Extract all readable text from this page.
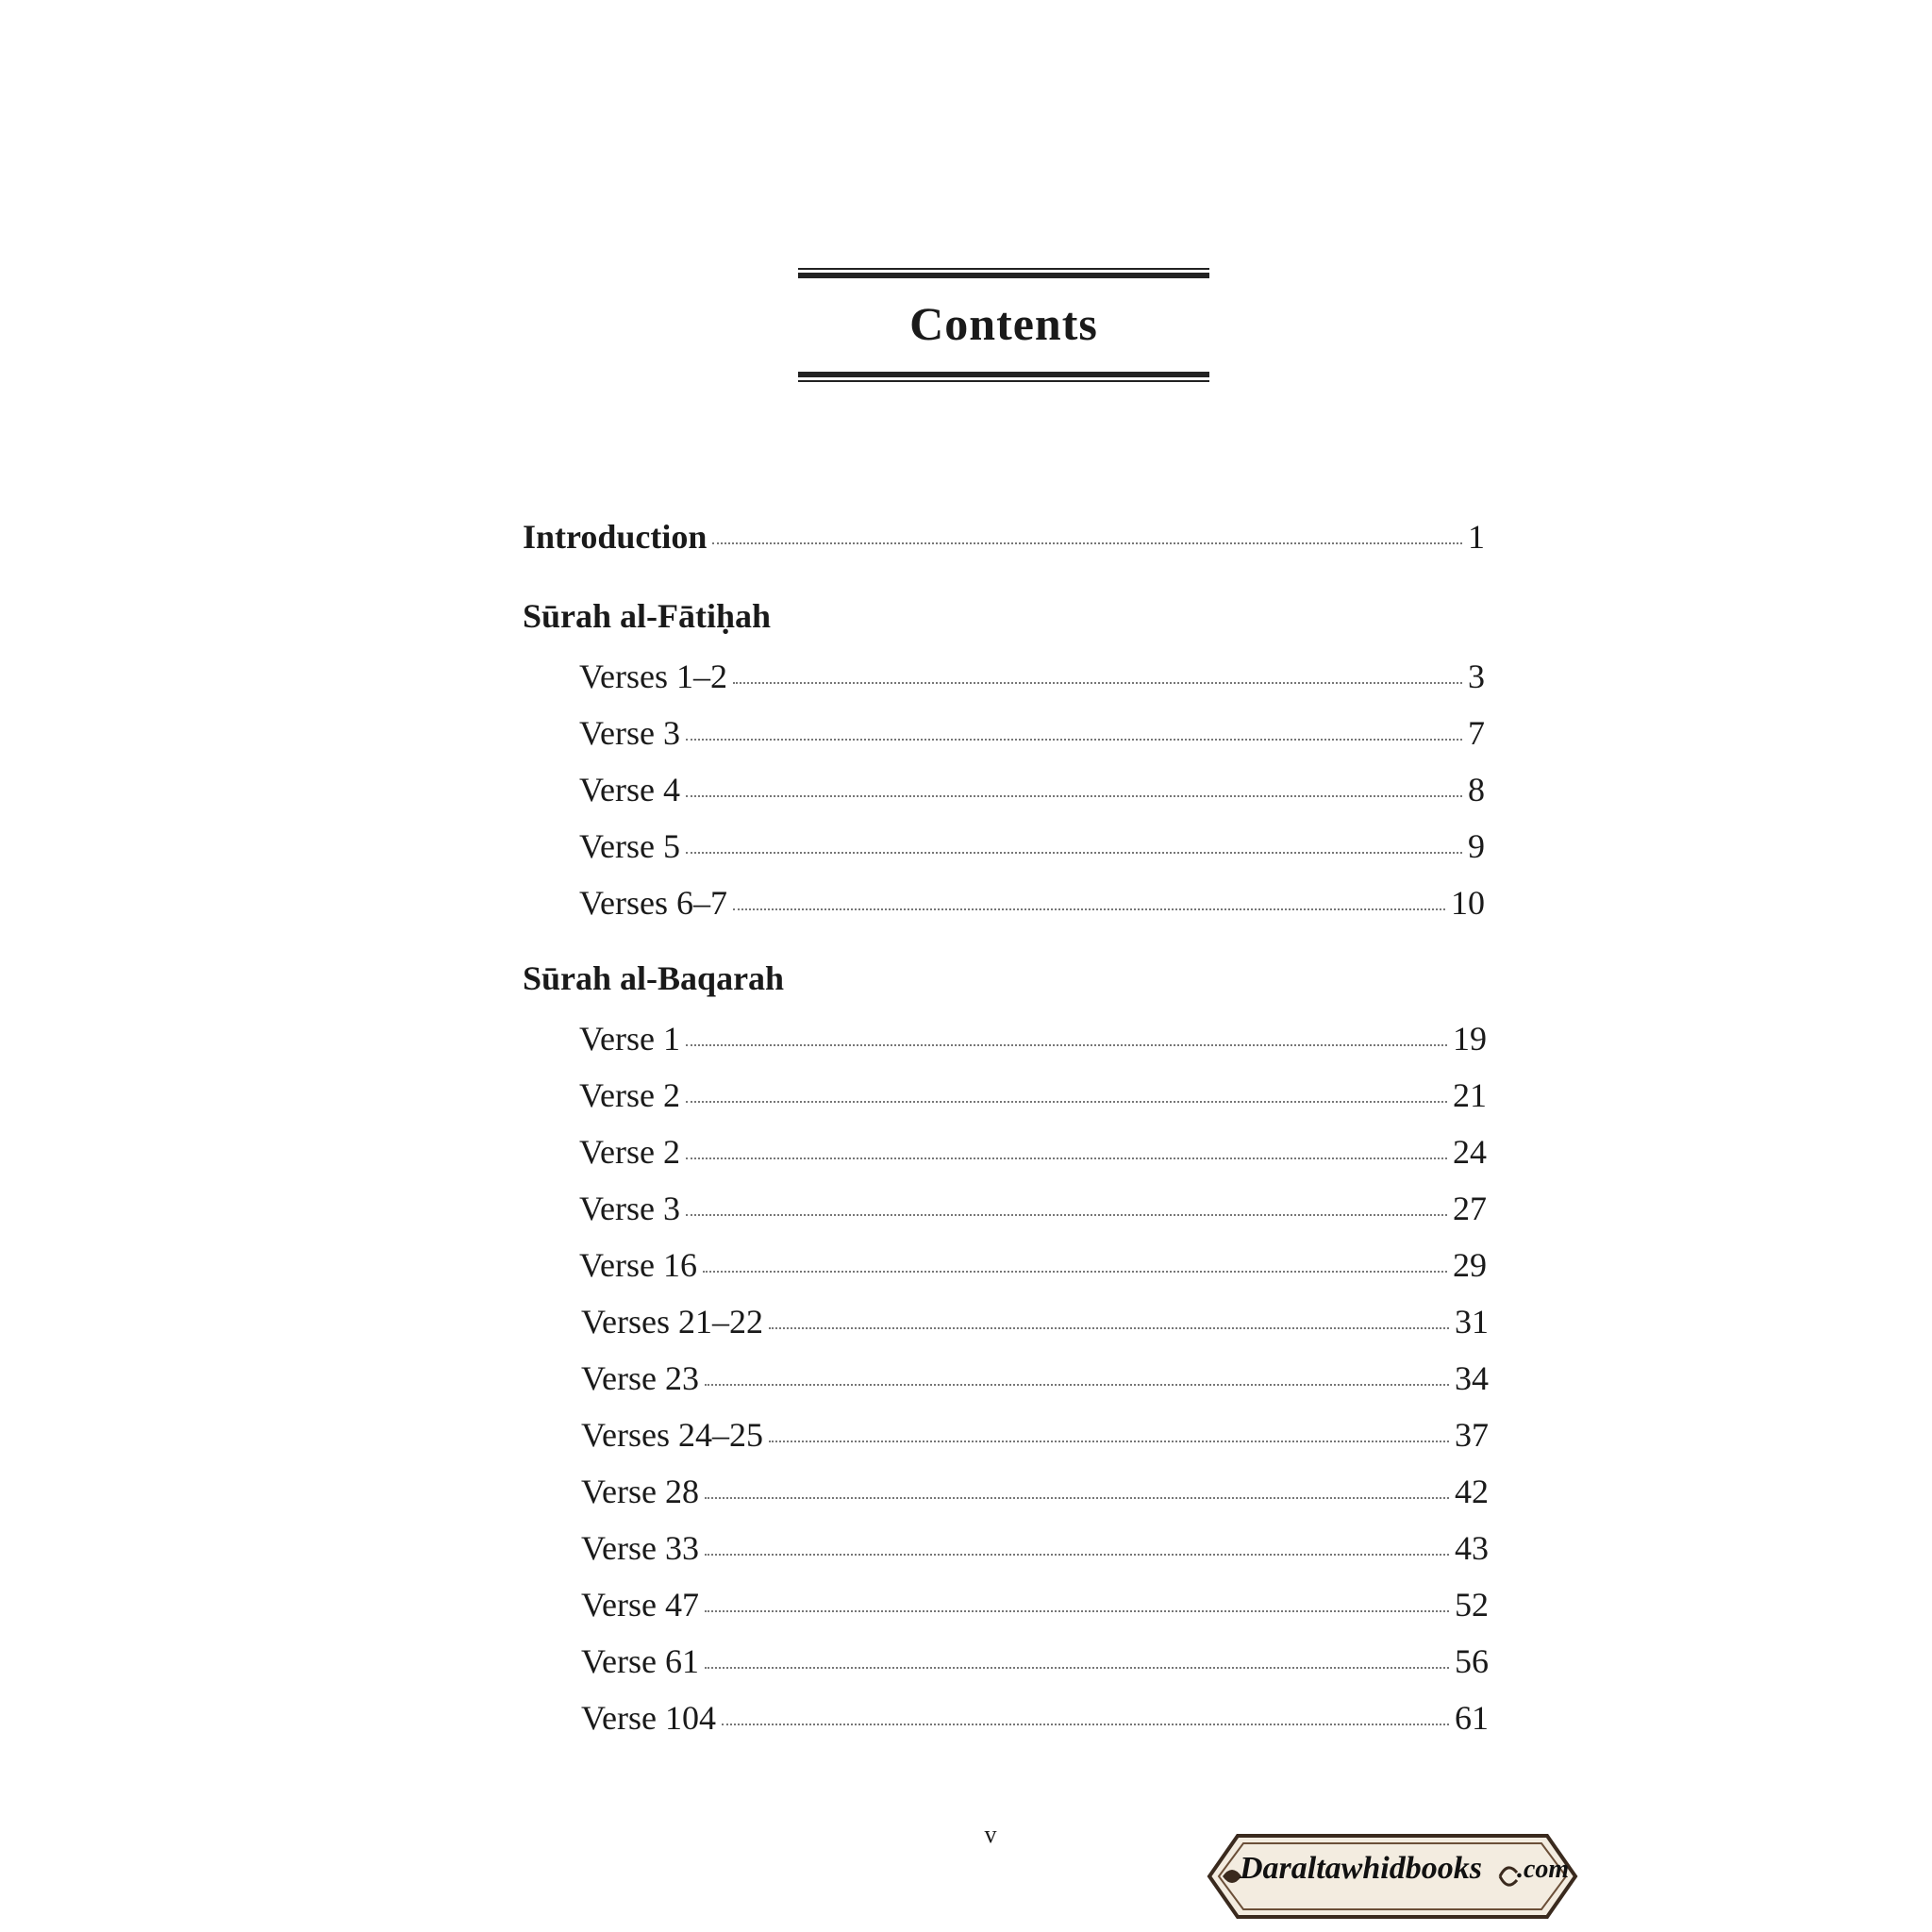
Contents
Introduction	1
Sūrah al-Fātiḥah
Verses 1–2	3
Verse 3	7
Verse 4	8
Verse 5	9
Verses 6–7	10
Sūrah al-Baqarah
Verse 1	19
Verse 2	21
Verse 2	24
Verse 3	27
Verse 16	29
Verses 21–22	31
Verse 23	34
Verses 24–25	37
Verse 28	42
Verse 33	43
Verse 47	52
Verse 61	56
Verse 104	61
v
Daraltawhidbooks .com
